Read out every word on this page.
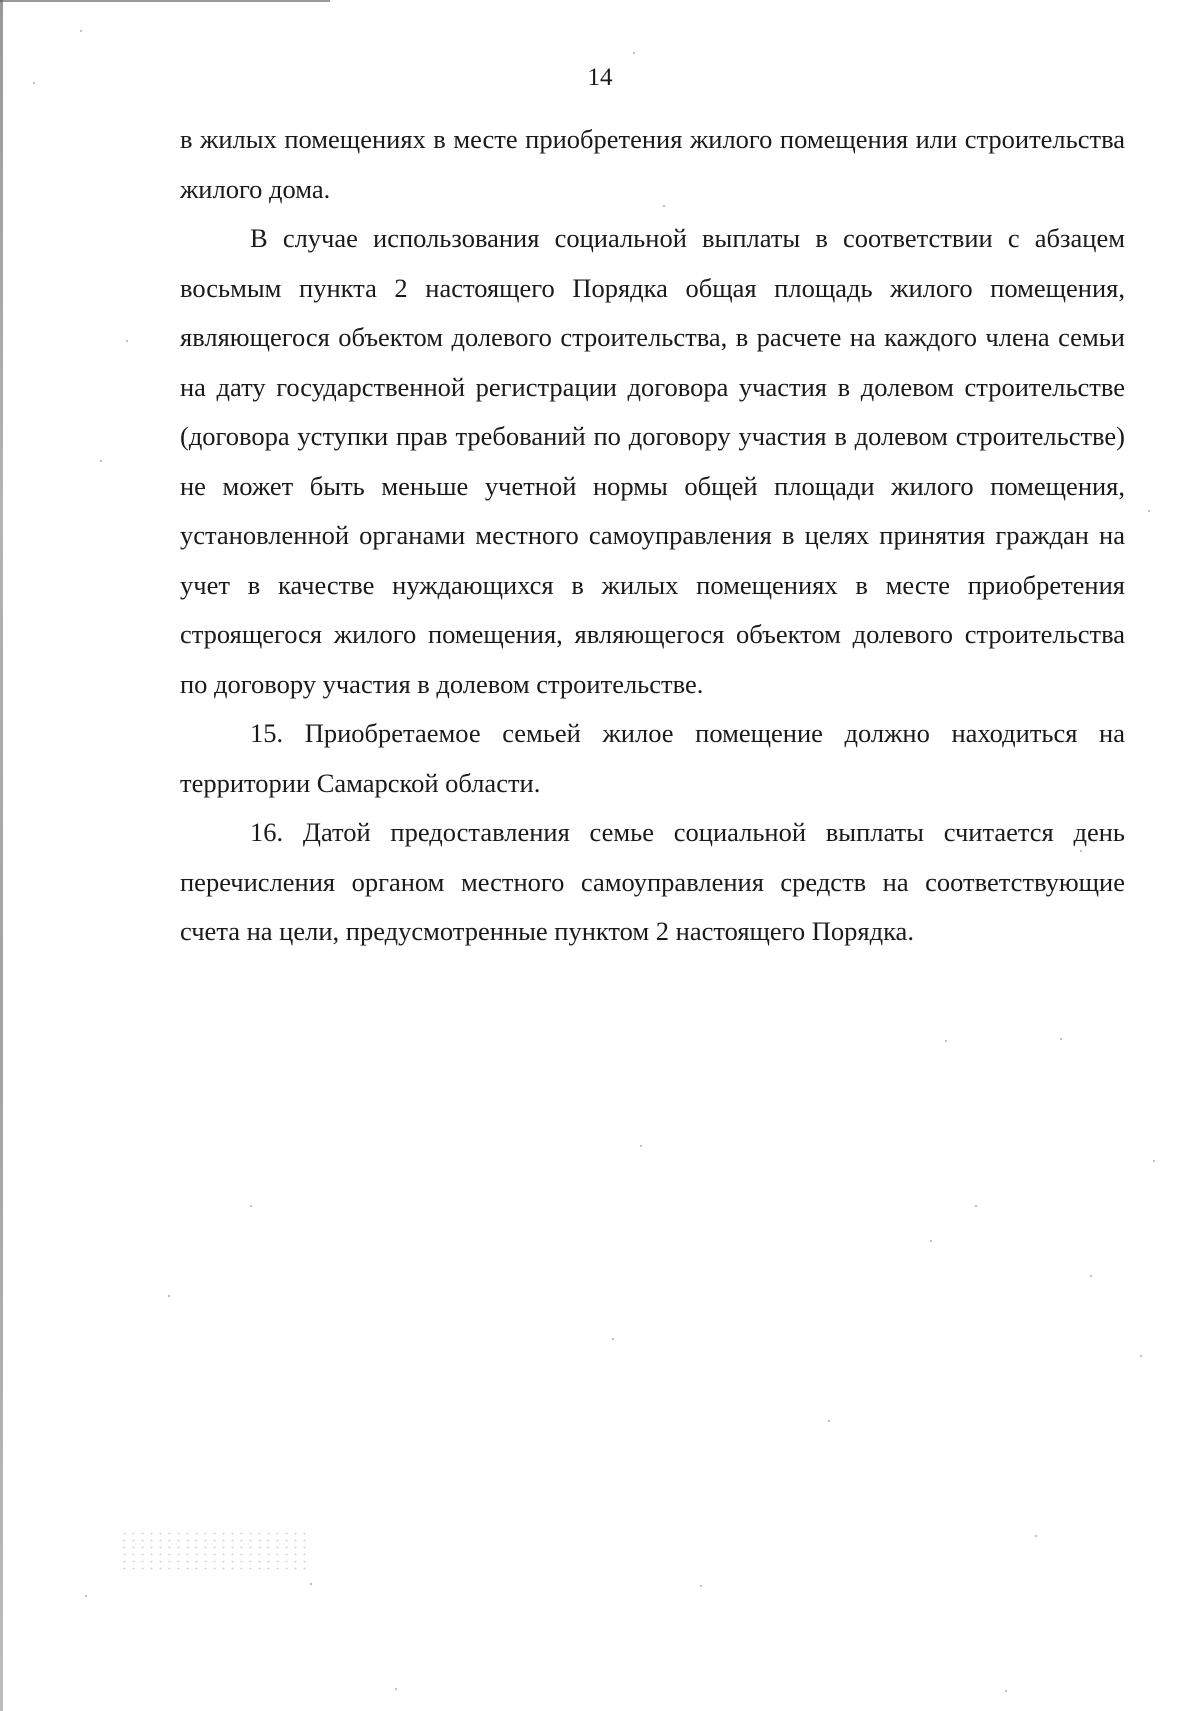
14

в жилых помещениях в месте приобретения жилого помещения или строительства жилого дома.

В случае использования социальной выплаты в соответствии с абзацем восьмым пункта 2 настоящего Порядка общая площадь жилого помещения, являющегося объектом долевого строительства, в расчете на каждого члена семьи на дату государственной регистрации договора участия в долевом строительстве (договора уступки прав требований по договору участия в долевом строительстве) не может быть меньше учетной нормы общей площади жилого помещения, установленной органами местного самоуправления в целях принятия граждан на учет в качестве нуждающихся в жилых помещениях в месте приобретения строящегося жилого помещения, являющегося объектом долевого строительства по договору участия в долевом строительстве.

15. Приобретаемое семьей жилое помещение должно находиться на территории Самарской области.

16. Датой предоставления семье социальной выплаты считается день перечисления органом местного самоуправления средств на соответствующие счета на цели, предусмотренные пунктом 2 настоящего Порядка.
